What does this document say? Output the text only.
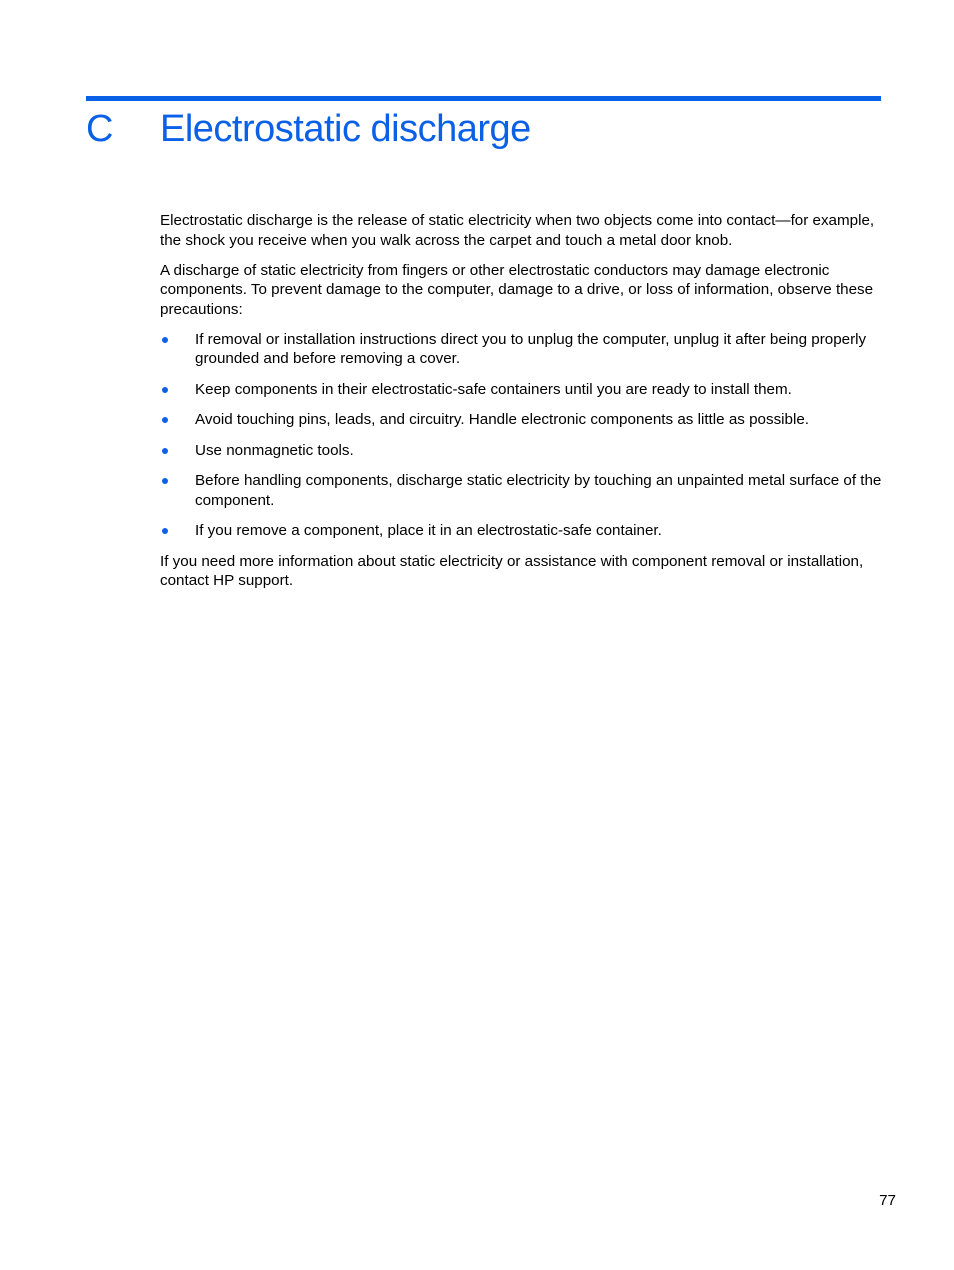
C Electrostatic discharge

Electrostatic discharge is the release of static electricity when two objects come into contact—for example, the shock you receive when you walk across the carpet and touch a metal door knob.

A discharge of static electricity from fingers or other electrostatic conductors may damage electronic components. To prevent damage to the computer, damage to a drive, or loss of information, observe these precautions:

If removal or installation instructions direct you to unplug the computer, unplug it after being properly grounded and before removing a cover.
Keep components in their electrostatic-safe containers until you are ready to install them.
Avoid touching pins, leads, and circuitry. Handle electronic components as little as possible.
Use nonmagnetic tools.
Before handling components, discharge static electricity by touching an unpainted metal surface of the component.
If you remove a component, place it in an electrostatic-safe container.

If you need more information about static electricity or assistance with component removal or installation, contact HP support.

77
